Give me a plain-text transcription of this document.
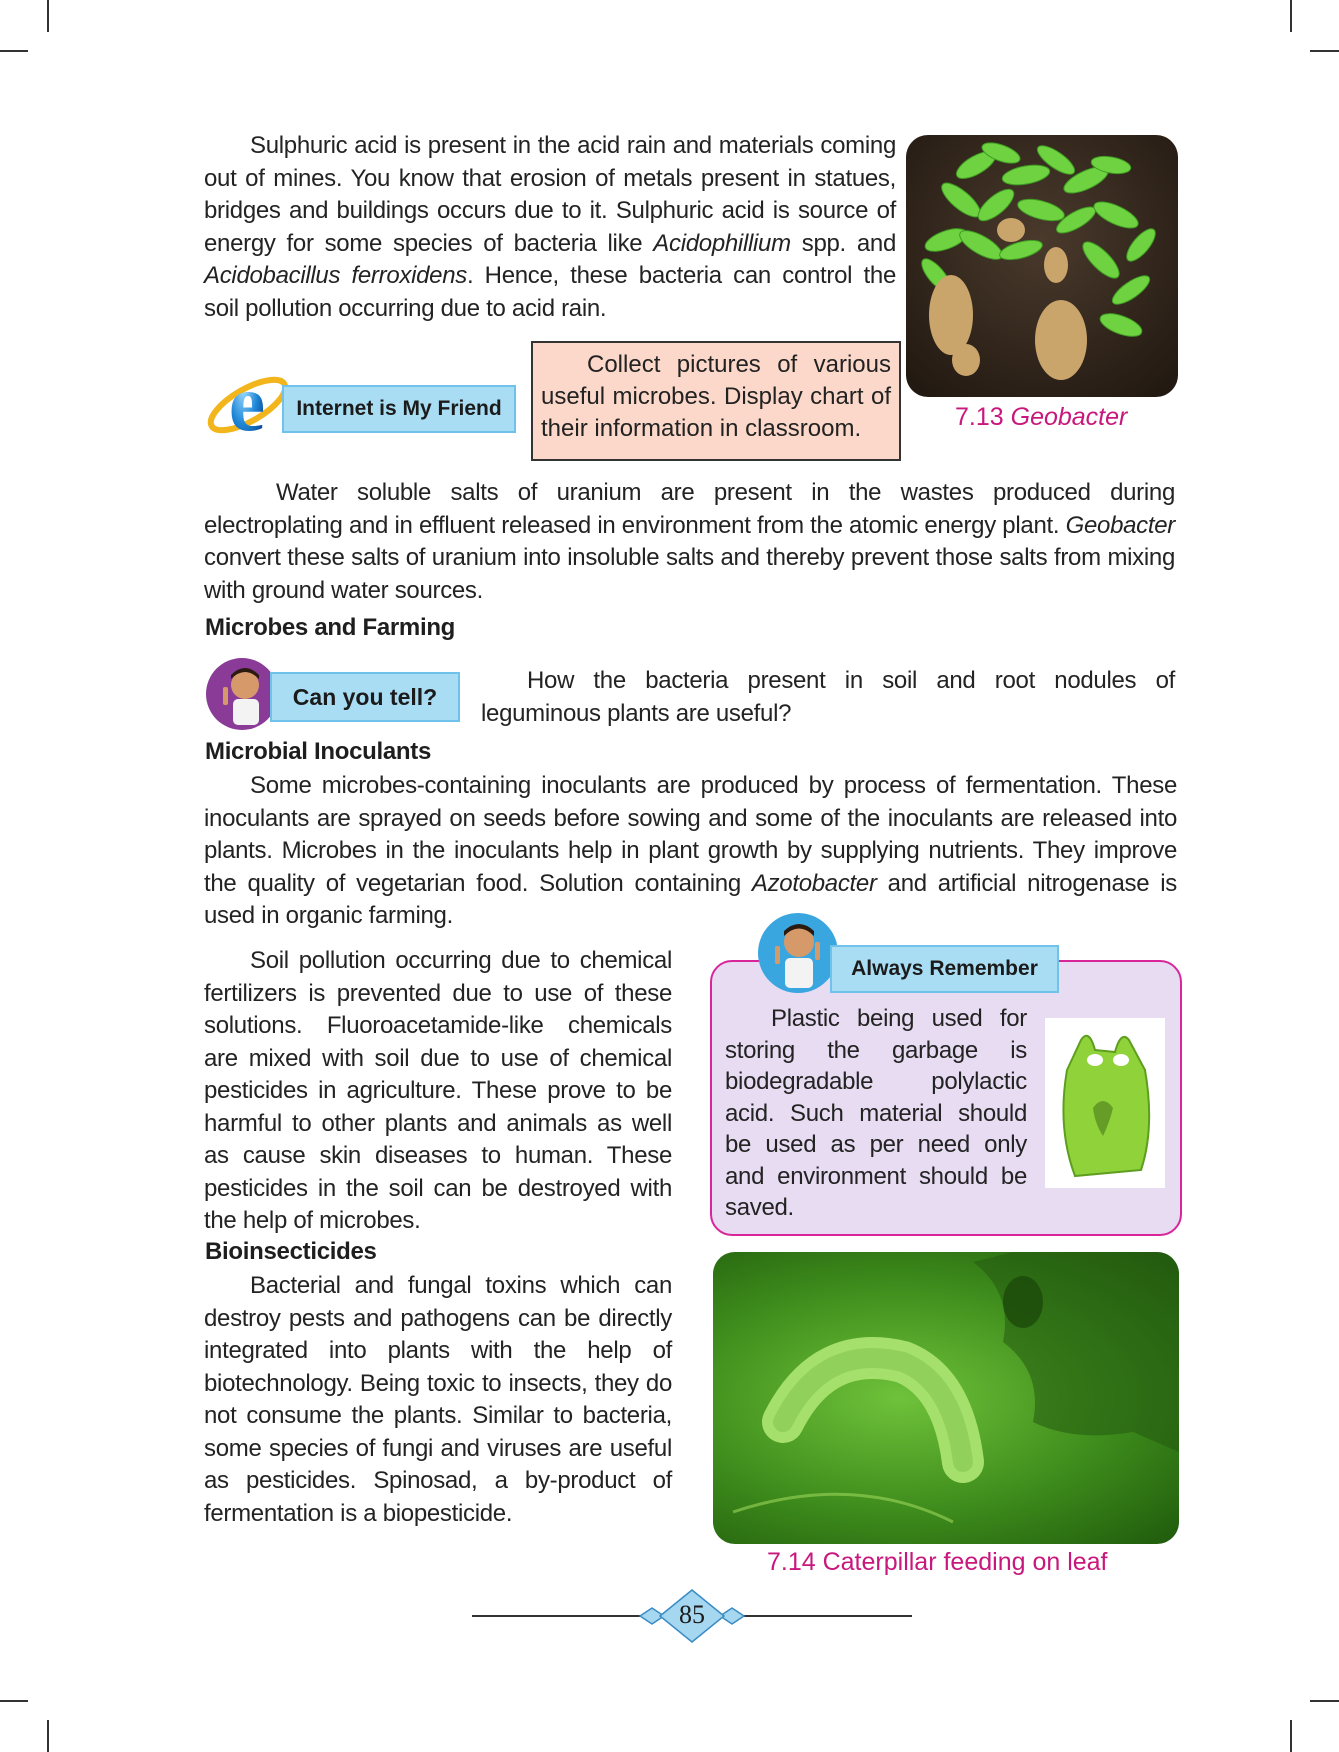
Sulphuric acid is present in the acid rain and materials coming out of mines. You know that erosion of metals present in statues, bridges and buildings occurs due to it. Sulphuric acid is source of energy for some species of bacteria like Acidophillium spp. and Acidobacillus ferroxidens. Hence, these bacteria can control the soil pollution occurring due to acid rain.
7.13 Geobacter
e	Internet is My Friend
Collect pictures of various useful microbes. Display chart of their information in classroom.
Water soluble salts of uranium are present in the wastes produced during electroplating and in effluent released in environment from the atomic energy plant. Geobacter convert these salts of uranium into insoluble salts and thereby prevent those salts from mixing with ground water sources.
Microbes and Farming
Can you tell?
How the bacteria present in soil and root nodules of leguminous plants are useful?
Microbial Inoculants
Some microbes-containing inoculants are produced by process of fermentation. These inoculants are sprayed on seeds before sowing and some of the inoculants are released into plants. Microbes in the inoculants help in plant growth by supplying nutrients. They improve the quality of vegetarian food. Solution containing Azotobacter and artificial nitrogenase is used in organic farming.
Soil pollution occurring due to chemical fertilizers is prevented due to use of these solutions. Fluoroacetamide-like chemicals are mixed with soil due to use of chemical pesticides in agriculture. These prove to be harmful to other plants and animals as well as cause skin diseases to human. These pesticides in the soil can be destroyed with the help of microbes.
Always Remember
Plastic being used for storing the garbage is biodegradable polylactic acid. Such material should be used as per need only and environment should be saved.
Bioinsecticides
Bacterial and fungal toxins which can destroy pests and pathogens can be directly integrated into plants with the help of biotechnology. Being toxic to insects, they do not consume the plants. Similar to bacteria, some species of fungi and viruses are useful as pesticides. Spinosad, a by-product of fermentation is a biopesticide.
7.14 Caterpillar feeding on leaf
85
